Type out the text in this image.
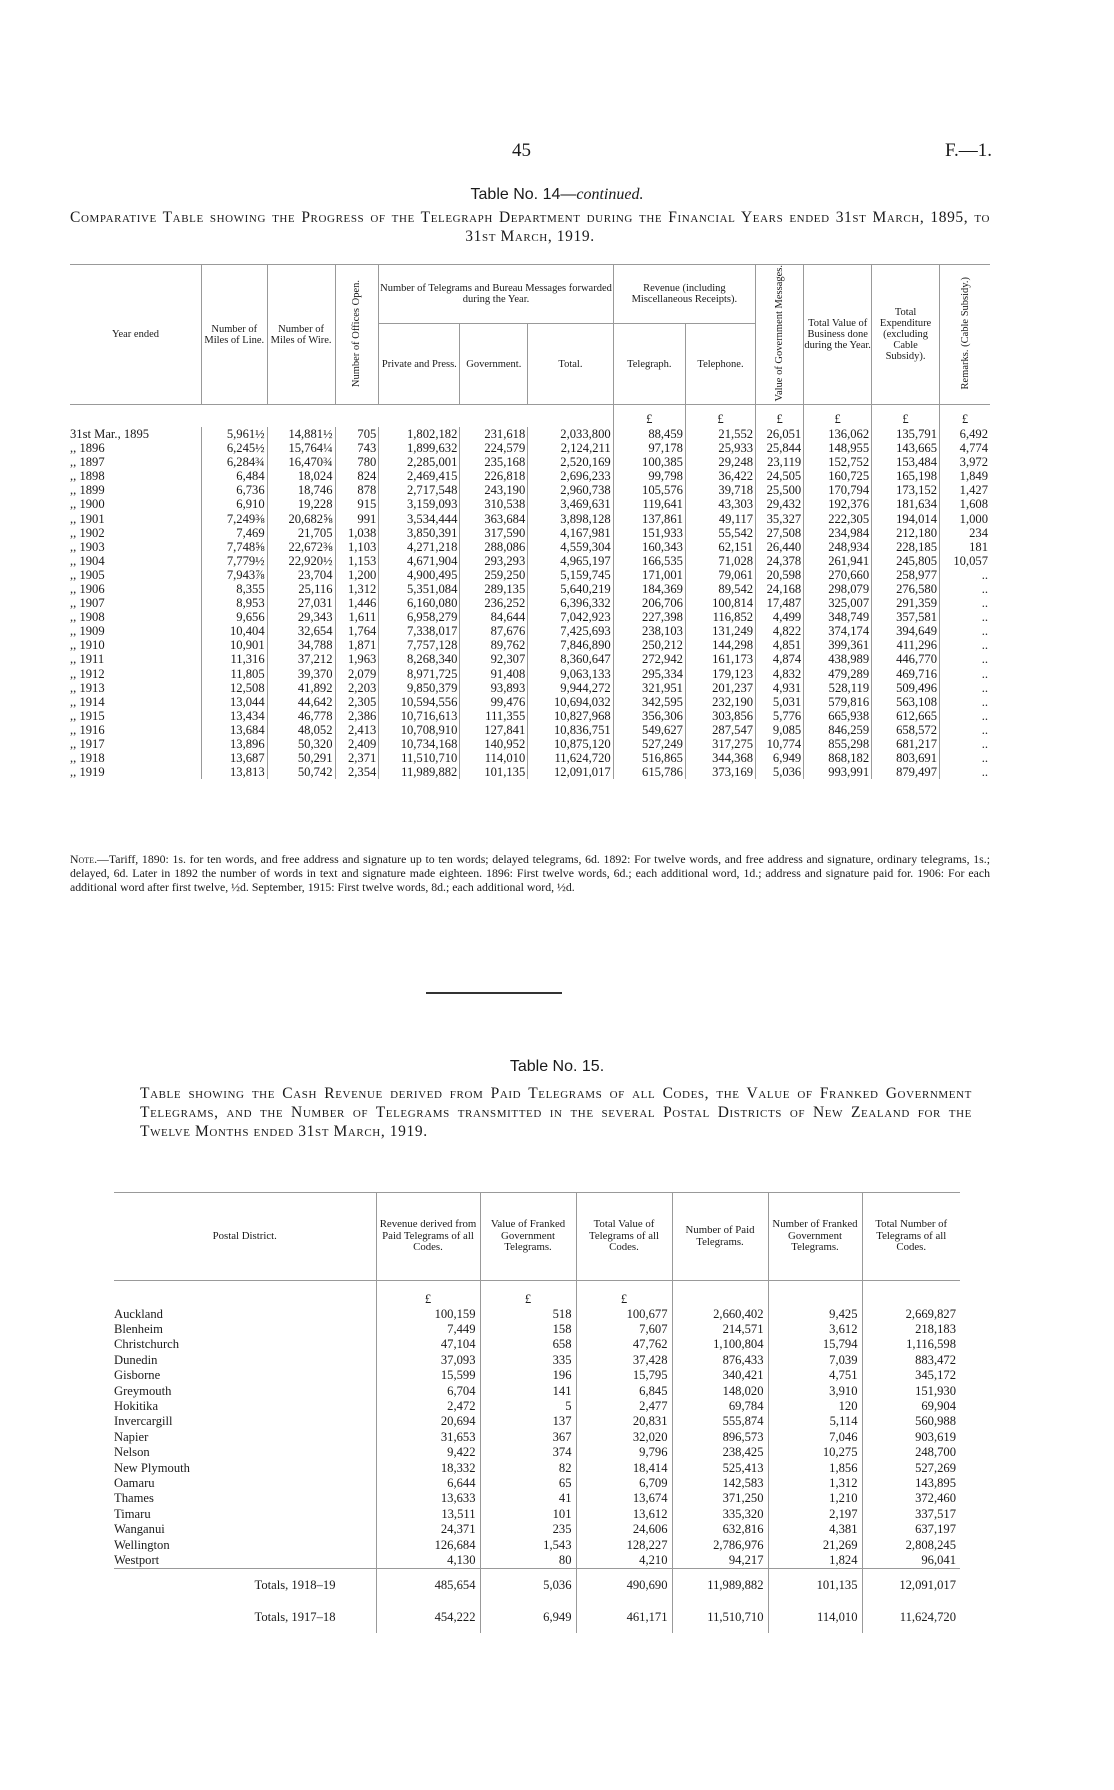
45	F.—1.
Table No. 14—continued.
Comparative Table showing the Progress of the Telegraph Department during the Financial Years ended 31st March, 1895, to 31st March, 1919.
Year ended	Number of Miles of Line.	Number of Miles of Wire.	Number of Offices Open.	Number of Telegrams and Bureau Messages forwarded during the Year.			Revenue (including Miscellaneous Receipts).		Value of Government Messages.	Total Value of Business done during the Year.	Total Expenditure (excluding Cable Subsidy).	Remarks. (Cable Subsidy.)
				Private and Press.	Government.	Total.	Telegraph.	Telephone.				
							£	£	£	£	£	£
31st Mar., 1895	5,961½	14,881½	705	1,802,182	231,618	2,033,800	88,459	21,552	26,051	136,062	135,791	6,492
,, 1896	6,245½	15,764¼	743	1,899,632	224,579	2,124,211	97,178	25,933	25,844	148,955	143,665	4,774
,, 1897	6,284¾	16,470¾	780	2,285,001	235,168	2,520,169	100,385	29,248	23,119	152,752	153,484	3,972
,, 1898	6,484	18,024	824	2,469,415	226,818	2,696,233	99,798	36,422	24,505	160,725	165,198	1,849
,, 1899	6,736	18,746	878	2,717,548	243,190	2,960,738	105,576	39,718	25,500	170,794	173,152	1,427
,, 1900	6,910	19,228	915	3,159,093	310,538	3,469,631	119,641	43,303	29,432	192,376	181,634	1,608
,, 1901	7,249⅜	20,682⅝	991	3,534,444	363,684	3,898,128	137,861	49,117	35,327	222,305	194,014	1,000
,, 1902	7,469	21,705	1,038	3,850,391	317,590	4,167,981	151,933	55,542	27,508	234,984	212,180	234
,, 1903	7,748⅝	22,672⅜	1,103	4,271,218	288,086	4,559,304	160,343	62,151	26,440	248,934	228,185	181
,, 1904	7,779½	22,920½	1,153	4,671,904	293,293	4,965,197	166,535	71,028	24,378	261,941	245,805	10,057
,, 1905	7,943⅞	23,704	1,200	4,900,495	259,250	5,159,745	171,001	79,061	20,598	270,660	258,977	..
,, 1906	8,355	25,116	1,312	5,351,084	289,135	5,640,219	184,369	89,542	24,168	298,079	276,580	..
,, 1907	8,953	27,031	1,446	6,160,080	236,252	6,396,332	206,706	100,814	17,487	325,007	291,359	..
,, 1908	9,656	29,343	1,611	6,958,279	84,644	7,042,923	227,398	116,852	4,499	348,749	357,581	..
,, 1909	10,404	32,654	1,764	7,338,017	87,676	7,425,693	238,103	131,249	4,822	374,174	394,649	..
,, 1910	10,901	34,788	1,871	7,757,128	89,762	7,846,890	250,212	144,298	4,851	399,361	411,296	..
,, 1911	11,316	37,212	1,963	8,268,340	92,307	8,360,647	272,942	161,173	4,874	438,989	446,770	..
,, 1912	11,805	39,370	2,079	8,971,725	91,408	9,063,133	295,334	179,123	4,832	479,289	469,716	..
,, 1913	12,508	41,892	2,203	9,850,379	93,893	9,944,272	321,951	201,237	4,931	528,119	509,496	..
,, 1914	13,044	44,642	2,305	10,594,556	99,476	10,694,032	342,595	232,190	5,031	579,816	563,108	..
,, 1915	13,434	46,778	2,386	10,716,613	111,355	10,827,968	356,306	303,856	5,776	665,938	612,665	..
,, 1916	13,684	48,052	2,413	10,708,910	127,841	10,836,751	549,627	287,547	9,085	846,259	658,572	..
,, 1917	13,896	50,320	2,409	10,734,168	140,952	10,875,120	527,249	317,275	10,774	855,298	681,217	..
,, 1918	13,687	50,291	2,371	11,510,710	114,010	11,624,720	516,865	344,368	6,949	868,182	803,691	..
,, 1919	13,813	50,742	2,354	11,989,882	101,135	12,091,017	615,786	373,169	5,036	993,991	879,497	..
Note.—Tariff, 1890: 1s. for ten words, and free address and signature up to ten words; delayed telegrams, 6d. 1892: For twelve words, and free address and signature, ordinary telegrams, 1s.; delayed, 6d. Later in 1892 the number of words in text and signature made eighteen. 1896: First twelve words, 6d.; each additional word, 1d.; address and signature paid for. 1906: For each additional word after first twelve, ½d. September, 1915: First twelve words, 8d.; each additional word, ½d.
Table No. 15.
Table showing the Cash Revenue derived from Paid Telegrams of all Codes, the Value of Franked Government Telegrams, and the Number of Telegrams transmitted in the several Postal Districts of New Zealand for the Twelve Months ended 31st March, 1919.
Postal District.	Revenue derived from Paid Telegrams of all Codes.	Value of Franked Government Telegrams.	Total Value of Telegrams of all Codes.	Number of Paid Telegrams.	Number of Franked Government Telegrams.	Total Number of Telegrams of all Codes.
	£	£	£			
Auckland	100,159	518	100,677	2,660,402	9,425	2,669,827
Blenheim	7,449	158	7,607	214,571	3,612	218,183
Christchurch	47,104	658	47,762	1,100,804	15,794	1,116,598
Dunedin	37,093	335	37,428	876,433	7,039	883,472
Gisborne	15,599	196	15,795	340,421	4,751	345,172
Greymouth	6,704	141	6,845	148,020	3,910	151,930
Hokitika	2,472	5	2,477	69,784	120	69,904
Invercargill	20,694	137	20,831	555,874	5,114	560,988
Napier	31,653	367	32,020	896,573	7,046	903,619
Nelson	9,422	374	9,796	238,425	10,275	248,700
New Plymouth	18,332	82	18,414	525,413	1,856	527,269
Oamaru	6,644	65	6,709	142,583	1,312	143,895
Thames	13,633	41	13,674	371,250	1,210	372,460
Timaru	13,511	101	13,612	335,320	2,197	337,517
Wanganui	24,371	235	24,606	632,816	4,381	637,197
Wellington	126,684	1,543	128,227	2,786,976	21,269	2,808,245
Westport	4,130	80	4,210	94,217	1,824	96,041
Totals, 1918–19	485,654	5,036	490,690	11,989,882	101,135	12,091,017
Totals, 1917–18	454,222	6,949	461,171	11,510,710	114,010	11,624,720
